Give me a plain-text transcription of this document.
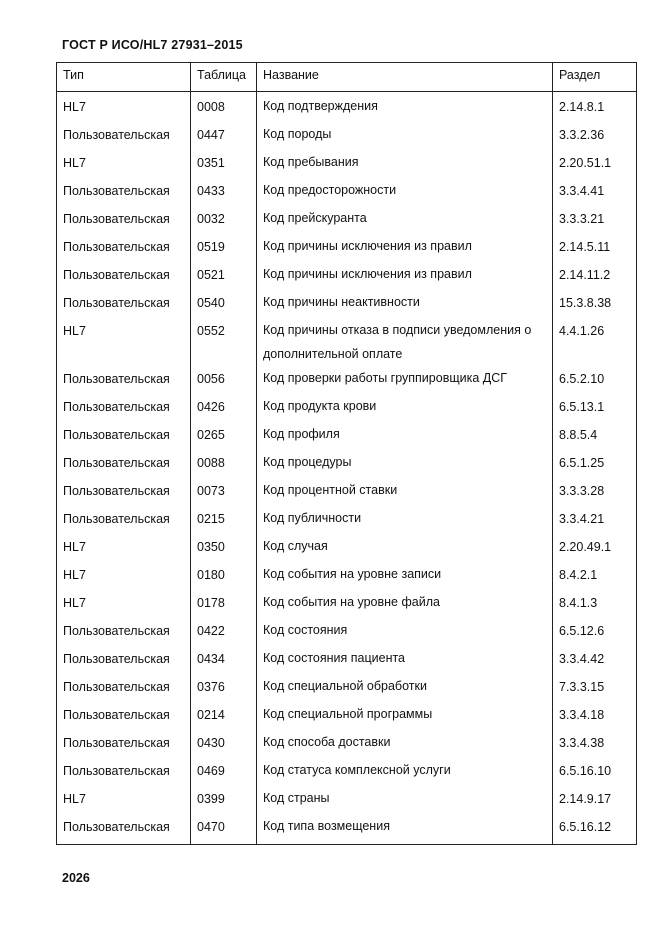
ГОСТ Р ИСО/HL7 27931–2015
Тип	Таблица	Название	Раздел
HL7	0008	Код подтверждения	2.14.8.1
Пользовательская	0447	Код породы	3.3.2.36
HL7	0351	Код пребывания	2.20.51.1
Пользовательская	0433	Код предосторожности	3.3.4.41
Пользовательская	0032	Код прейскуранта	3.3.3.21
Пользовательская	0519	Код причины исключения из правил	2.14.5.11
Пользовательская	0521	Код причины исключения из правил	2.14.11.2
Пользовательская	0540	Код причины неактивности	15.3.8.38
HL7	0552	Код причины отказа в подписи уведомления о дополнительной оплате	4.4.1.26
Пользовательская	0056	Код проверки работы группировщика ДСГ	6.5.2.10
Пользовательская	0426	Код продукта крови	6.5.13.1
Пользовательская	0265	Код профиля	8.8.5.4
Пользовательская	0088	Код процедуры	6.5.1.25
Пользовательская	0073	Код процентной ставки	3.3.3.28
Пользовательская	0215	Код публичности	3.3.4.21
HL7	0350	Код случая	2.20.49.1
HL7	0180	Код события на уровне записи	8.4.2.1
HL7	0178	Код события на уровне файла	8.4.1.3
Пользовательская	0422	Код состояния	6.5.12.6
Пользовательская	0434	Код состояния пациента	3.3.4.42
Пользовательская	0376	Код специальной обработки	7.3.3.15
Пользовательская	0214	Код специальной программы	3.3.4.18
Пользовательская	0430	Код способа доставки	3.3.4.38
Пользовательская	0469	Код статуса комплексной услуги	6.5.16.10
HL7	0399	Код страны	2.14.9.17
Пользовательская	0470	Код типа возмещения	6.5.16.12
2026
